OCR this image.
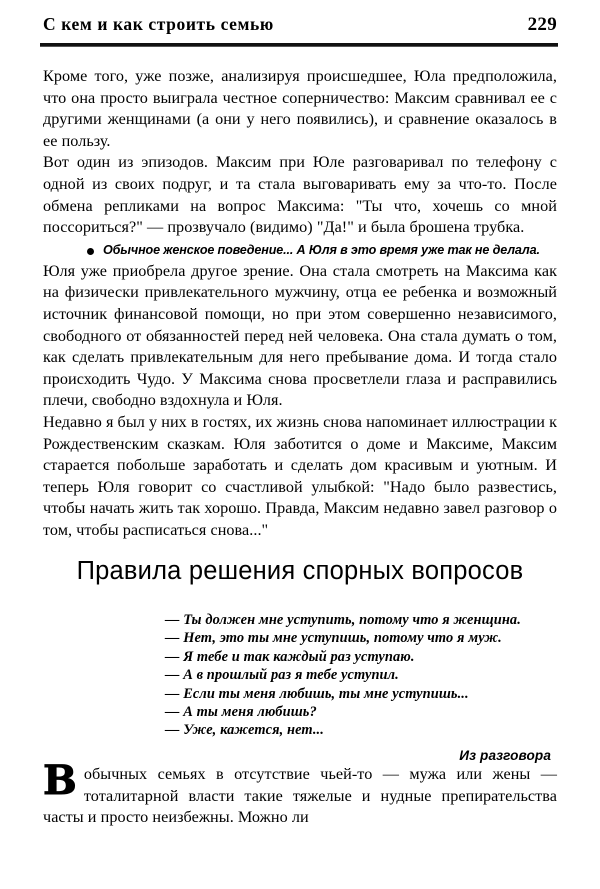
С кем и как строить семью	229

Кроме того, уже позже, анализируя происшедшее, Юла предположила, что она просто выиграла честное соперничество: Максим сравнивал ее с другими женщинами (а они у него появились), и сравнение оказалось в ее пользу.

Вот один из эпизодов. Максим при Юле разговаривал по телефону с одной из своих подруг, и та стала выговаривать ему за что-то. После обмена репликами на вопрос Максима: "Ты что, хочешь со мной поссориться?" — прозвучало (видимо) "Да!" и была брошена трубка.

Обычное женское поведение... А Юля в это время уже так не делала.

Юля уже приобрела другое зрение. Она стала смотреть на Максима как на физически привлекательного мужчину, отца ее ребенка и возможный источник финансовой помощи, но при этом совершенно независимого, свободного от обязанностей перед ней человека. Она стала думать о том, как сделать привлекательным для него пребывание дома. И тогда стало происходить Чудо. У Максима снова просветлели глаза и расправились плечи, свободно вздохнула и Юля.

Недавно я был у них в гостях, их жизнь снова напоминает иллюстрации к Рождественским сказкам. Юля заботится о доме и Максиме, Максим старается побольше заработать и сделать дом красивым и уютным. И теперь Юля говорит со счастливой улыбкой: "Надо было развестись, чтобы начать жить так хорошо. Правда, Максим недавно завел разговор о том, чтобы расписаться снова..."

Правила решения спорных вопросов
— Ты должен мне уступить, потому что я женщина.
— Нет, это ты мне уступишь, потому что я муж.
— Я тебе и так каждый раз уступаю.
— А в прошлый раз я тебе уступил.
— Если ты меня любишь, ты мне уступишь...
— А ты меня любишь?
— Уже, кажется, нет...
Из разговора

В обычных семьях в отсутствие чьей-то — мужа или жены — тоталитарной власти такие тяжелые и нудные препирательства часты и просто неизбежны. Можно ли
